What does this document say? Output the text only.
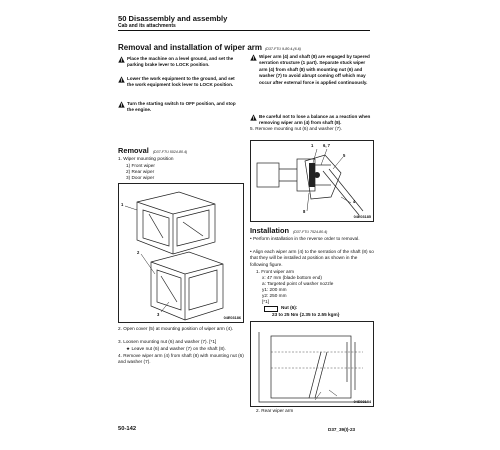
50 Disassembly and assembly
Cab and its attachments
Removal and installation of wiper arm (D37-FTU 9-80.4-(6-6)
Place the machine on a level ground, and set the parking brake lever to LOCK position.
Lower the work equipment to the ground, and set the work equipment lock lever to LOCK position.
Turn the starting switch to OFF position, and stop the engine.
Wiper arm (4) and shaft (8) are engaged by tapered serration structure (1 part). Separate stuck wiper arm (4) from shaft (8) with mounting nut (6) and washer (7) to avoid abrupt coming off which may occur after external force is applied continuously.
Be careful not to lose a balance as a reaction when removing wiper arm (4) from shaft (8).
Removal (D37-FTU 5024-80.4)
1. Wiper mounting position
1) Front wiper
2) Rear wiper
3) Door wiper
1
2
3
04E03186
2. Open cover (5) at mounting position of wiper arm (4).
3. Loosen mounting nut (6) and washer (7). [*1]
★ Leave nut (6) and washer (7) on the shaft (8).
4. Remove wiper arm (4) from shaft (8) with mounting nut (6) and washer (7).
5. Remove mounting nut (6) and washer (7).
1 6, 7
5
8
4
04E03185
Installation (D37-FTU 7524-80.4)
• Perform installation in the reverse order to removal.
• Align each wiper arm (4) to the serration of the shaft (8) so that they will be installed at position as shown in the following figure.
1. Front wiper arm
x: 47 mm (blade bottom end)
a: Targeted point of washer nozzle
y1: 200 mm
y2: 250 mm
[*1]
Nut (6):
23 to 25 Nm {2.35 to 2.55 kgm}
04E03184
2. Rear wiper arm
50-142	D37_39(I)-23
